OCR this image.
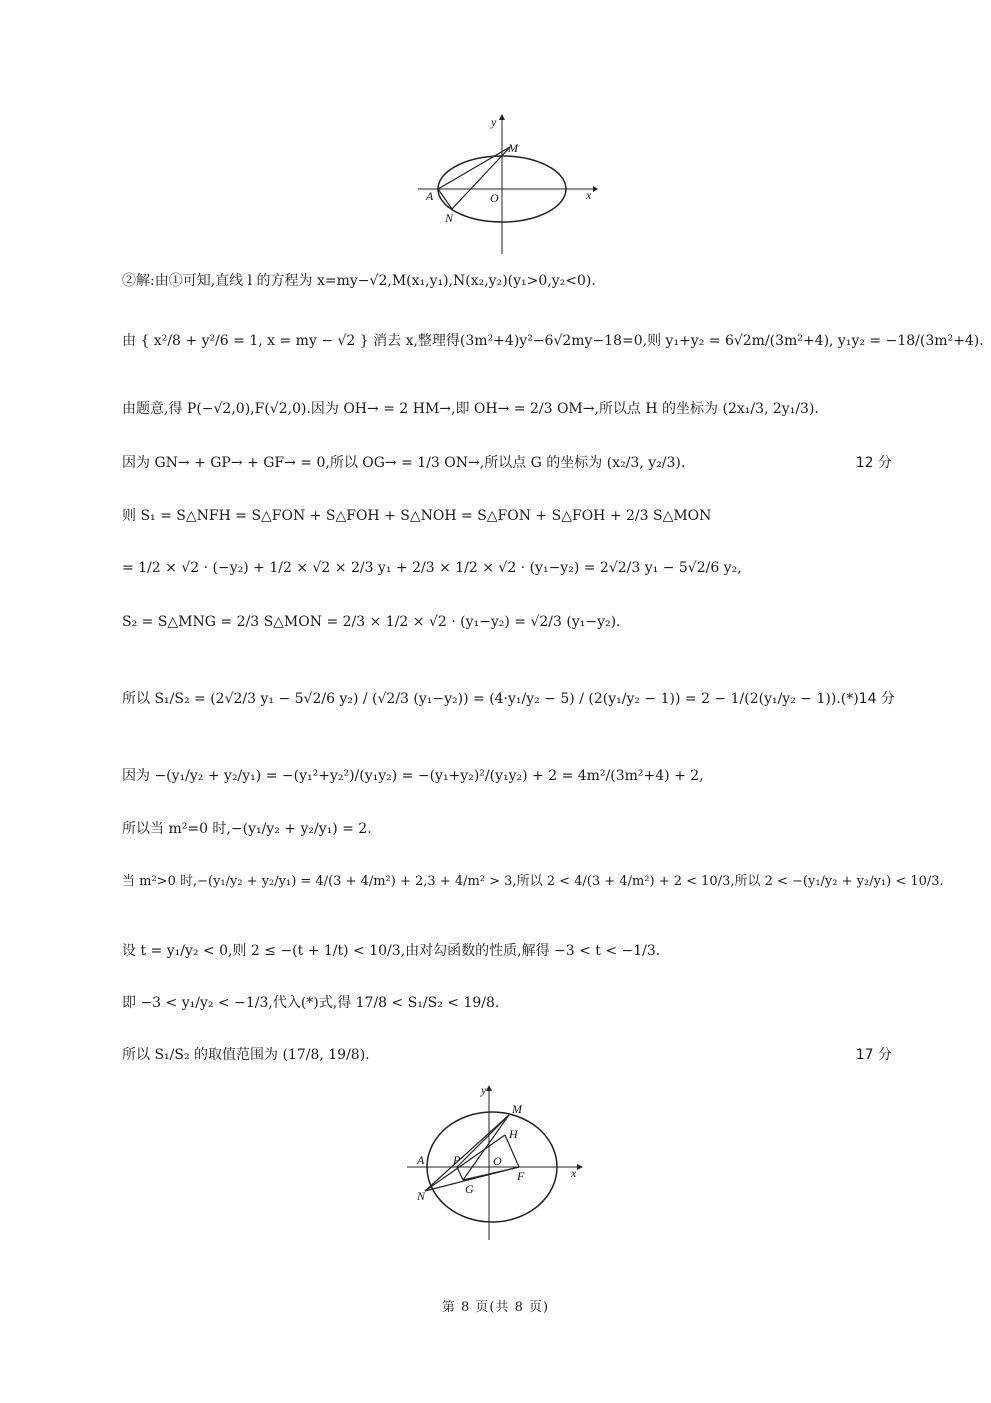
y
x
M
A	O
N
②解:由①可知,直线 l 的方程为 x=my−√2,M(x₁,y₁),N(x₂,y₂)(y₁>0,y₂<0).
由 { x²/8 + y²/6 = 1, x = my − √2 } 消去 x,整理得(3m²+4)y²−6√2my−18=0,则 y₁+y₂ = 6√2m/(3m²+4), y₁y₂ = −18/(3m²+4).
由题意,得 P(−√2,0),F(√2,0).因为 OH→ = 2 HM→,即 OH→ = 2/3 OM→,所以点 H 的坐标为 (2x₁/3, 2y₁/3).
因为 GN→ + GP→ + GF→ = 0,所以 OG→ = 1/3 ON→,所以点 G 的坐标为 (x₂/3, y₂/3).	12 分
则 S₁ = S△NFH = S△FON + S△FOH + S△NOH = S△FON + S△FOH + 2/3 S△MON
= 1/2 × √2 · (−y₂) + 1/2 × √2 × 2/3 y₁ + 2/3 × 1/2 × √2 · (y₁−y₂) = 2√2/3 y₁ − 5√2/6 y₂,
S₂ = S△MNG = 2/3 S△MON = 2/3 × 1/2 × √2 · (y₁−y₂) = √2/3 (y₁−y₂).
所以 S₁/S₂ = (2√2/3 y₁ − 5√2/6 y₂) / (√2/3 (y₁−y₂)) = (4·y₁/y₂ − 5) / (2(y₁/y₂ − 1)) = 2 − 1/(2(y₁/y₂ − 1)).(*) 14 分
因为 −(y₁/y₂ + y₂/y₁) = −(y₁²+y₂²)/(y₁y₂) = −(y₁+y₂)²/(y₁y₂) + 2 = 4m²/(3m²+4) + 2,
所以当 m²=0 时,−(y₁/y₂ + y₂/y₁) = 2.
当 m²>0 时,−(y₁/y₂ + y₂/y₁) = 4/(3 + 4/m²) + 2,3 + 4/m² > 3,所以 2 < 4/(3 + 4/m²) + 2 < 10/3,所以 2 < −(y₁/y₂ + y₂/y₁) < 10/3.
设 t = y₁/y₂ < 0,则 2 ≤ −(t + 1/t) < 10/3,由对勾函数的性质,解得 −3 < t < −1/3.
即 −3 < y₁/y₂ < −1/3,代入(*)式,得 17/8 < S₁/S₂ < 19/8.
所以 S₁/S₂ 的取值范围为 (17/8, 19/8).	17 分
y
x
M
H
A P	O
N	G
F
第 8 页(共 8 页)
